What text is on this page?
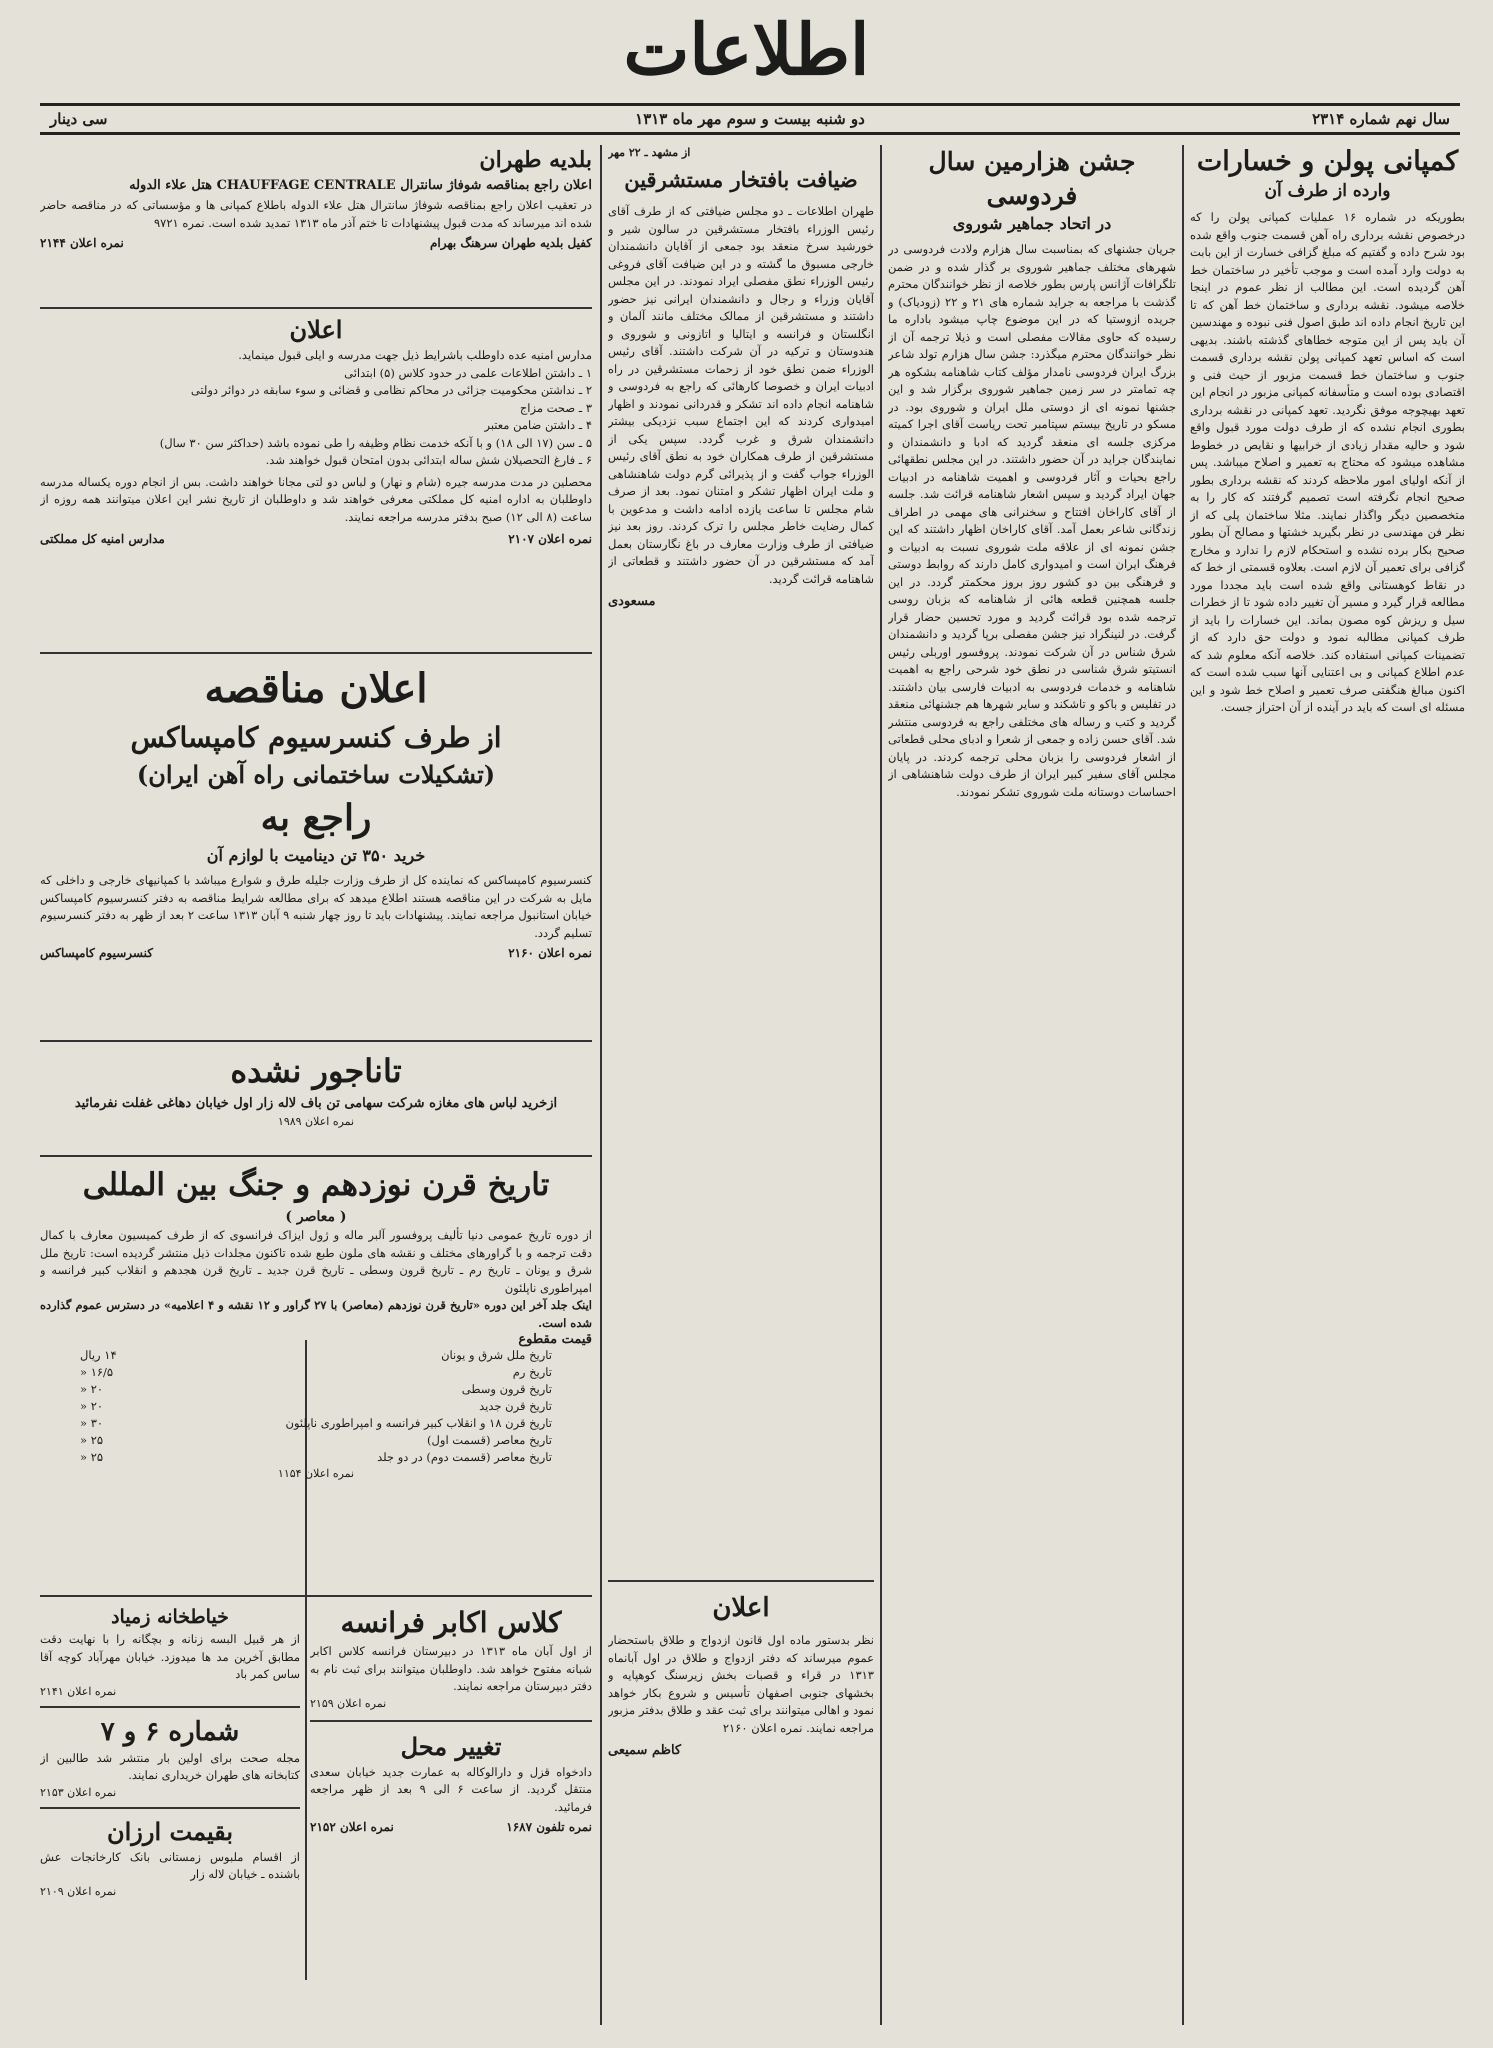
اطلاعات
سال نهم شماره ۲۳۱۴
دو شنبه بیست و سوم مهر ماه ۱۳۱۳
سی دینار
کمپانی پولن و خسارات
وارده از طرف آن
بطوریکه در شماره ۱۶ عملیات کمپانی پولن را که درخصوص نقشه برداری راه آهن قسمت جنوب واقع شده بود شرح داده و گفتیم که مبلغ گزافی خسارت از این بابت به دولت وارد آمده است و موجب تأخیر در ساختمان خط آهن گردیده است. این مطالب از نظر عموم در اینجا خلاصه میشود. نقشه برداری و ساختمان خط آهن که تا این تاریخ انجام داده اند طبق اصول فنی نبوده و مهندسین آن باید پس از این متوجه خطاهای گذشته باشند. بدیهی است که اساس تعهد کمپانی پولن نقشه برداری قسمت جنوب و ساختمان خط قسمت مزبور از حیث فنی و اقتصادی بوده است و متأسفانه کمپانی مزبور در انجام این تعهد بهیچوجه موفق نگردید. تعهد کمپانی در نقشه برداری بطوری انجام نشده که از طرف دولت مورد قبول واقع شود و حالیه مقدار زیادی از خرابیها و نقایص در خطوط مشاهده میشود که محتاج به تعمیر و اصلاح میباشد. پس از آنکه اولیای امور ملاحظه کردند که نقشه برداری بطور صحیح انجام نگرفته است تصمیم گرفتند که کار را به متخصصین دیگر واگذار نمایند. مثلا ساختمان پلی که از نظر فن مهندسی در نظر بگیرید خشتها و مصالح آن بطور صحیح بکار برده نشده و استحکام لازم را ندارد و مخارج گزافی برای تعمیر آن لازم است. بعلاوه قسمتی از خط که در نقاط کوهستانی واقع شده است باید مجددا مورد مطالعه قرار گیرد و مسیر آن تغییر داده شود تا از خطرات سیل و ریزش کوه مصون بماند. این خسارات را باید از طرف کمپانی مطالبه نمود و دولت حق دارد که از تضمینات کمپانی استفاده کند. خلاصه آنکه معلوم شد که عدم اطلاع کمپانی و بی اعتنایی آنها سبب شده است که اکنون مبالغ هنگفتی صرف تعمیر و اصلاح خط شود و این مسئله ای است که باید در آینده از آن احتراز جست.
جشن هزارمین سال فردوسی
در اتحاد جماهیر شوروی
جریان جشنهای که بمناسبت سال هزارم ولادت فردوسی در شهرهای مختلف جماهیر شوروی بر گذار شده و در ضمن تلگرافات آژانس پارس بطور خلاصه از نظر خوانندگان محترم گذشت با مراجعه به جراید شماره های ۲۱ و ۲۲ (زودیاک) و جریده ازوستیا که در این موضوع چاپ میشود باداره ما رسیده که حاوی مقالات مفصلی است و ذیلا ترجمه آن از نظر خوانندگان محترم میگذرد: جشن سال هزارم تولد شاعر بزرگ ایران فردوسی نامدار مؤلف کتاب شاهنامه بشکوه هر چه تمامتر در سر زمین جماهیر شوروی برگزار شد و این جشنها نمونه ای از دوستی ملل ایران و شوروی بود. در مسکو در تاریخ بیستم سپتامبر تحت ریاست آقای اجرا کمیته مرکزی جلسه ای منعقد گردید که ادبا و دانشمندان و نمایندگان جراید در آن حضور داشتند. در این مجلس نطقهائی راجع بحیات و آثار فردوسی و اهمیت شاهنامه در ادبیات جهان ایراد گردید و سپس اشعار شاهنامه قرائت شد. جلسه از آقای کاراخان افتتاح و سخنرانی های مهمی در اطراف زندگانی شاعر بعمل آمد. آقای کاراخان اظهار داشتند که این جشن نمونه ای از علاقه ملت شوروی نسبت به ادبیات و فرهنگ ایران است و امیدواری کامل دارند که روابط دوستی و فرهنگی بین دو کشور روز بروز محکمتر گردد. در این جلسه همچنین قطعه هائی از شاهنامه که بزبان روسی ترجمه شده بود قرائت گردید و مورد تحسین حضار قرار گرفت. در لنینگراد نیز جشن مفصلی برپا گردید و دانشمندان شرق شناس در آن شرکت نمودند. پروفسور اوربلی رئیس انستیتو شرق شناسی در نطق خود شرحی راجع به اهمیت شاهنامه و خدمات فردوسی به ادبیات فارسی بیان داشتند. در تفلیس و باکو و تاشکند و سایر شهرها هم جشنهائی منعقد گردید و کتب و رساله های مختلفی راجع به فردوسی منتشر شد. آقای حسن زاده و جمعی از شعرا و ادبای محلی قطعاتی از اشعار فردوسی را بزبان محلی ترجمه کردند. در پایان مجلس آقای سفیر کبیر ایران از طرف دولت شاهنشاهی از احساسات دوستانه ملت شوروی تشکر نمودند.
از مشهد ـ ۲۲ مهر
ضیافت بافتخار مستشرقین
طهران اطلاعات ـ دو مجلس ضیافتی که از طرف آقای رئیس الوزراء بافتخار مستشرقین در سالون شیر و خورشید سرخ منعقد بود جمعی از آقایان دانشمندان خارجی مسبوق ما گشته و در این ضیافت آقای فروغی رئیس الوزراء نطق مفصلی ایراد نمودند. در این مجلس آقایان وزراء و رجال و دانشمندان ایرانی نیز حضور داشتند و مستشرقین از ممالک مختلف مانند آلمان و انگلستان و فرانسه و ایتالیا و اتازونی و شوروی و هندوستان و ترکیه در آن شرکت داشتند. آقای رئیس الوزراء ضمن نطق خود از زحمات مستشرقین در راه ادبیات ایران و خصوصا کارهائی که راجع به فردوسی و شاهنامه انجام داده اند تشکر و قدردانی نمودند و اظهار امیدواری کردند که این اجتماع سبب نزدیکی بیشتر دانشمندان شرق و غرب گردد. سپس یکی از مستشرقین از طرف همکاران خود به نطق آقای رئیس الوزراء جواب گفت و از پذیرائی گرم دولت شاهنشاهی و ملت ایران اظهار تشکر و امتنان نمود. بعد از صرف شام مجلس تا ساعت یازده ادامه داشت و مدعوین با کمال رضایت خاطر مجلس را ترک کردند. روز بعد نیز ضیافتی از طرف وزارت معارف در باغ نگارستان بعمل آمد که مستشرقین در آن حضور داشتند و قطعاتی از شاهنامه قرائت گردید.
مسعودی
اعلان
نظر بدستور ماده اول قانون ازدواج و طلاق باستحضار عموم میرساند که دفتر ازدواج و طلاق در اول آبانماه ۱۳۱۳ در قراء و قصبات بخش زیرسنگ کوهپایه و بخشهای جنوبی اصفهان تأسیس و شروع بکار خواهد نمود و اهالی میتوانند برای ثبت عقد و طلاق بدفتر مزبور مراجعه نمایند. نمره اعلان ۲۱۶۰
کاظم سمیعی
بلدیه طهران
اعلان راجع بمناقصه شوفاژ سانترال CHAUFFAGE CENTRALE هتل علاء الدوله
در تعقیب اعلان راجع بمناقصه شوفاژ سانترال هتل علاء الدوله باطلاع کمپانی ها و مؤسساتی که در مناقصه حاضر شده اند میرساند که مدت قبول پیشنهادات تا ختم آذر ماه ۱۳۱۳ تمدید شده است. نمره ۹۷۲۱
کفیل بلدیه طهران سرهنگ بهرام
نمره اعلان ۲۱۴۴
اعلان
مدارس امنیه عده داوطلب باشرایط ذیل جهت مدرسه و ایلی قبول مینماید.
۱ ـ داشتن اطلاعات علمی در حدود کلاس (۵) ابتدائی
۲ ـ نداشتن محکومیت جزائی در محاکم نظامی و قضائی و سوء سابقه در دوائر دولتی
۳ ـ صحت مزاج
۴ ـ داشتن ضامن معتبر
۵ ـ سن (۱۷ الی ۱۸) و با آنکه خدمت نظام وظیفه را طی نموده باشد (حداکثر سن ۳۰ سال)
۶ ـ فارغ التحصیلان شش ساله ابتدائی بدون امتحان قبول خواهند شد.
محصلین در مدت مدرسه جیره (شام و نهار) و لباس دو لتی مجانا خواهند داشت. بس از انجام دوره یکساله مدرسه داوطلبان به اداره امنیه کل مملکتی معرفی خواهند شد و داوطلبان از تاریخ نشر این اعلان میتوانند همه روزه از ساعت (۸ الی ۱۲) صبح بدفتر مدرسه مراجعه نمایند.
نمره اعلان ۲۱۰۷
مدارس امنیه کل مملکتی
اعلان مناقصه
از طرف کنسرسیوم کامپساکس
(تشکیلات ساختمانی راه آهن ایران)
راجع به
خرید ۳۵۰ تن دینامیت با لوازم آن
کنسرسیوم کامپساکس که نماینده کل از طرف وزارت جلیله طرق و شوارع میباشد با کمپانیهای خارجی و داخلی که مایل به شرکت در این مناقصه هستند اطلاع میدهد که برای مطالعه شرایط مناقصه به دفتر کنسرسیوم کامپساکس خیابان استانبول مراجعه نمایند. پیشنهادات باید تا روز چهار شنبه ۹ آبان ۱۳۱۳ ساعت ۲ بعد از ظهر به دفتر کنسرسیوم تسلیم گردد.
نمره اعلان ۲۱۶۰
کنسرسیوم کامپساکس
تاناجور نشده
ازخرید لباس های مغازه شرکت سهامی تن باف لاله زار اول خیابان دهاغی غفلت نفرمائید
نمره اعلان ۱۹۸۹
تاریخ قرن نوزدهم و جنگ بین المللی
( معاصر )
از دوره تاریخ عمومی دنیا تألیف پروفسور آلبر ماله و ژول ایزاک فرانسوی که از طرف کمیسیون معارف با کمال دقت ترجمه و با گراورهای مختلف و نقشه های ملون طبع شده تاکنون مجلدات ذیل منتشر گردیده است: تاریخ ملل شرق و یونان ـ تاریخ رم ـ تاریخ قرون وسطی ـ تاریخ قرن جدید ـ تاریخ قرن هجدهم و انقلاب کبیر فرانسه و امپراطوری ناپلئون
اینک جلد آخر این دوره «تاریخ قرن نوزدهم (معاصر) با ۲۷ گراور و ۱۲ نقشه و ۴ اعلامیه» در دسترس عموم گذارده شده است.
قیمت مقطوع
تاریخ ملل شرق و یونان
۱۴ ریال
تاریخ رم
۱۶/۵ «
تاریخ قرون وسطی
۲۰ «
تاریخ قرن جدید
۲۰ «
تاریخ قرن ۱۸ و انقلاب کبیر فرانسه و امپراطوری ناپلئون
۳۰ «
تاریخ معاصر (قسمت اول)
۲۵ «
تاریخ معاصر (قسمت دوم) در دو جلد
۲۵ «
نمره اعلان ۱۱۵۴
کلاس اکابر فرانسه
از اول آبان ماه ۱۳۱۳ در دبیرستان فرانسه کلاس اکابر شبانه مفتوح خواهد شد. داوطلبان میتوانند برای ثبت نام به دفتر دبیرستان مراجعه نمایند.
نمره اعلان ۲۱۵۹
تغییر محل
دادخواه قزل و دارالوکاله به عمارت جدید خیابان سعدی منتقل گردید. از ساعت ۶ الی ۹ بعد از ظهر مراجعه فرمائید.
نمره تلفون ۱۶۸۷
نمره اعلان ۲۱۵۲
خیاطخانه زمیاد
از هر قبیل البسه زنانه و بچگانه را با نهایت دقت مطابق آخرین مد ها میدوزد. خیابان مهرآباد کوچه آقا ساس کمر باد
نمره اعلان ۲۱۴۱
شماره ۶ و ۷
مجله صحت برای اولین بار منتشر شد طالبین از کتابخانه های طهران خریداری نمایند.
نمره اعلان ۲۱۵۳
بقیمت ارزان
از اقسام ملبوس زمستانی بانک کارخانجات عش باشنده ـ خیابان لاله زار
نمره اعلان ۲۱۰۹
